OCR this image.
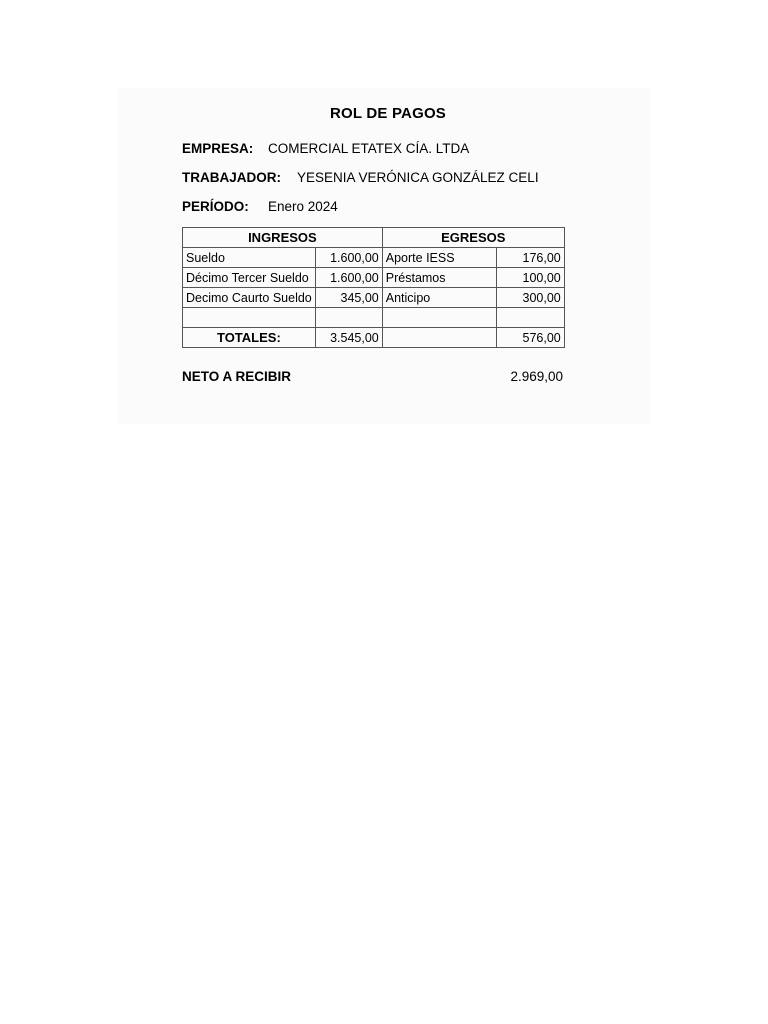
ROL DE PAGOS
EMPRESA: COMERCIAL ETATEX CÍA. LTDA
TRABAJADOR: YESENIA VERÓNICA GONZÁLEZ CELI
PERÍODO: Enero 2024
INGRESOS		EGRESOS	
Sueldo	1.600,00	Aporte IESS	176,00
Décimo Tercer Sueldo	1.600,00	Préstamos	100,00
Decimo Caurto Sueldo	345,00	Anticipo	300,00

TOTALES:	3.545,00		576,00
NETO A RECIBIR	2.969,00
